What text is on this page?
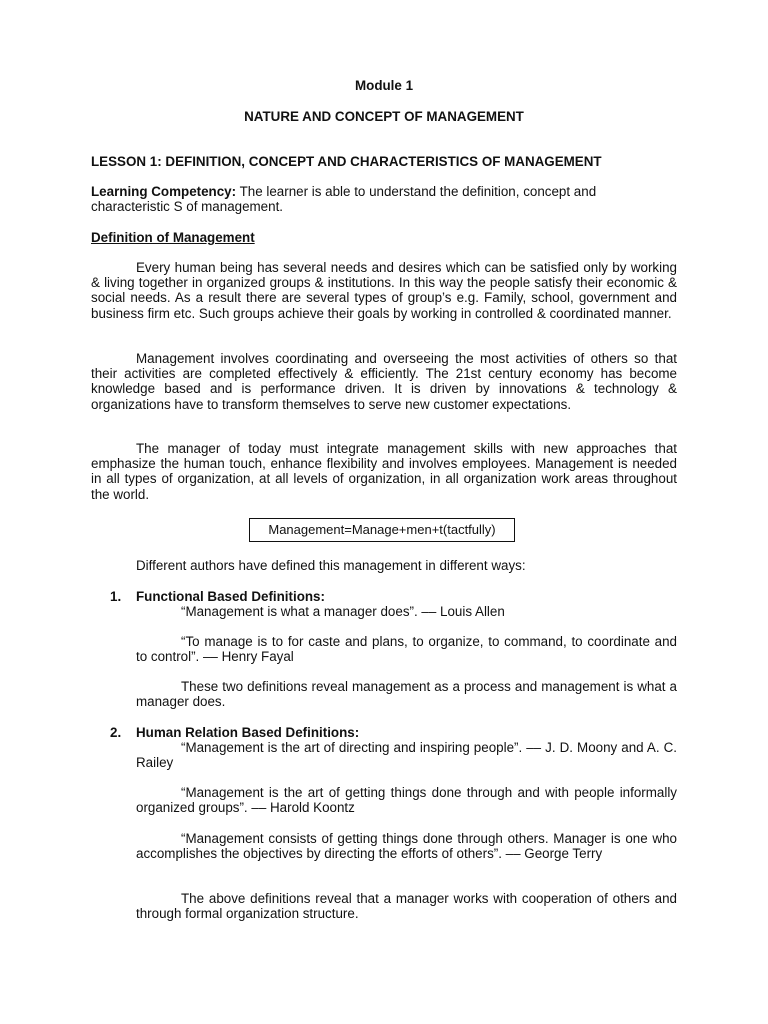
Module 1

NATURE AND CONCEPT OF MANAGEMENT

LESSON 1: DEFINITION, CONCEPT AND CHARACTERISTICS OF MANAGEMENT

Learning Competency: The learner is able to understand the definition, concept and
characteristic S of management.

Definition of Management

Every human being has several needs and desires which can be satisfied only by working & living together in organized groups & institutions. In this way the people satisfy their economic & social needs. As a result there are several types of group’s e.g. Family, school, government and business firm etc. Such groups achieve their goals by working in controlled & coordinated manner.

Management involves coordinating and overseeing the most activities of others so that their activities are completed effectively & efficiently. The 21st century economy has become knowledge based and is performance driven. It is driven by innovations & technology & organizations have to transform themselves to serve new customer expectations.

The manager of today must integrate management skills with new approaches that emphasize the human touch, enhance flexibility and involves employees. Management is needed in all types of organization, at all levels of organization, in all organization work areas throughout the world.

Management=Manage+men+t(tactfully)

Different authors have defined this management in different ways:

1. Functional Based Definitions:

“Management is what a manager does”. –– Louis Allen

“To manage is to for caste and plans, to organize, to command, to coordinate and to control”. –– Henry Fayal

These two definitions reveal management as a process and management is what a manager does.

2. Human Relation Based Definitions:

“Management is the art of directing and inspiring people”. –– J. D. Moony and A. C. Railey

“Management is the art of getting things done through and with people informally organized groups”. –– Harold Koontz

“Management consists of getting things done through others. Manager is one who accomplishes the objectives by directing the efforts of others”. –– George Terry

The above definitions reveal that a manager works with cooperation of others and through formal organization structure.
